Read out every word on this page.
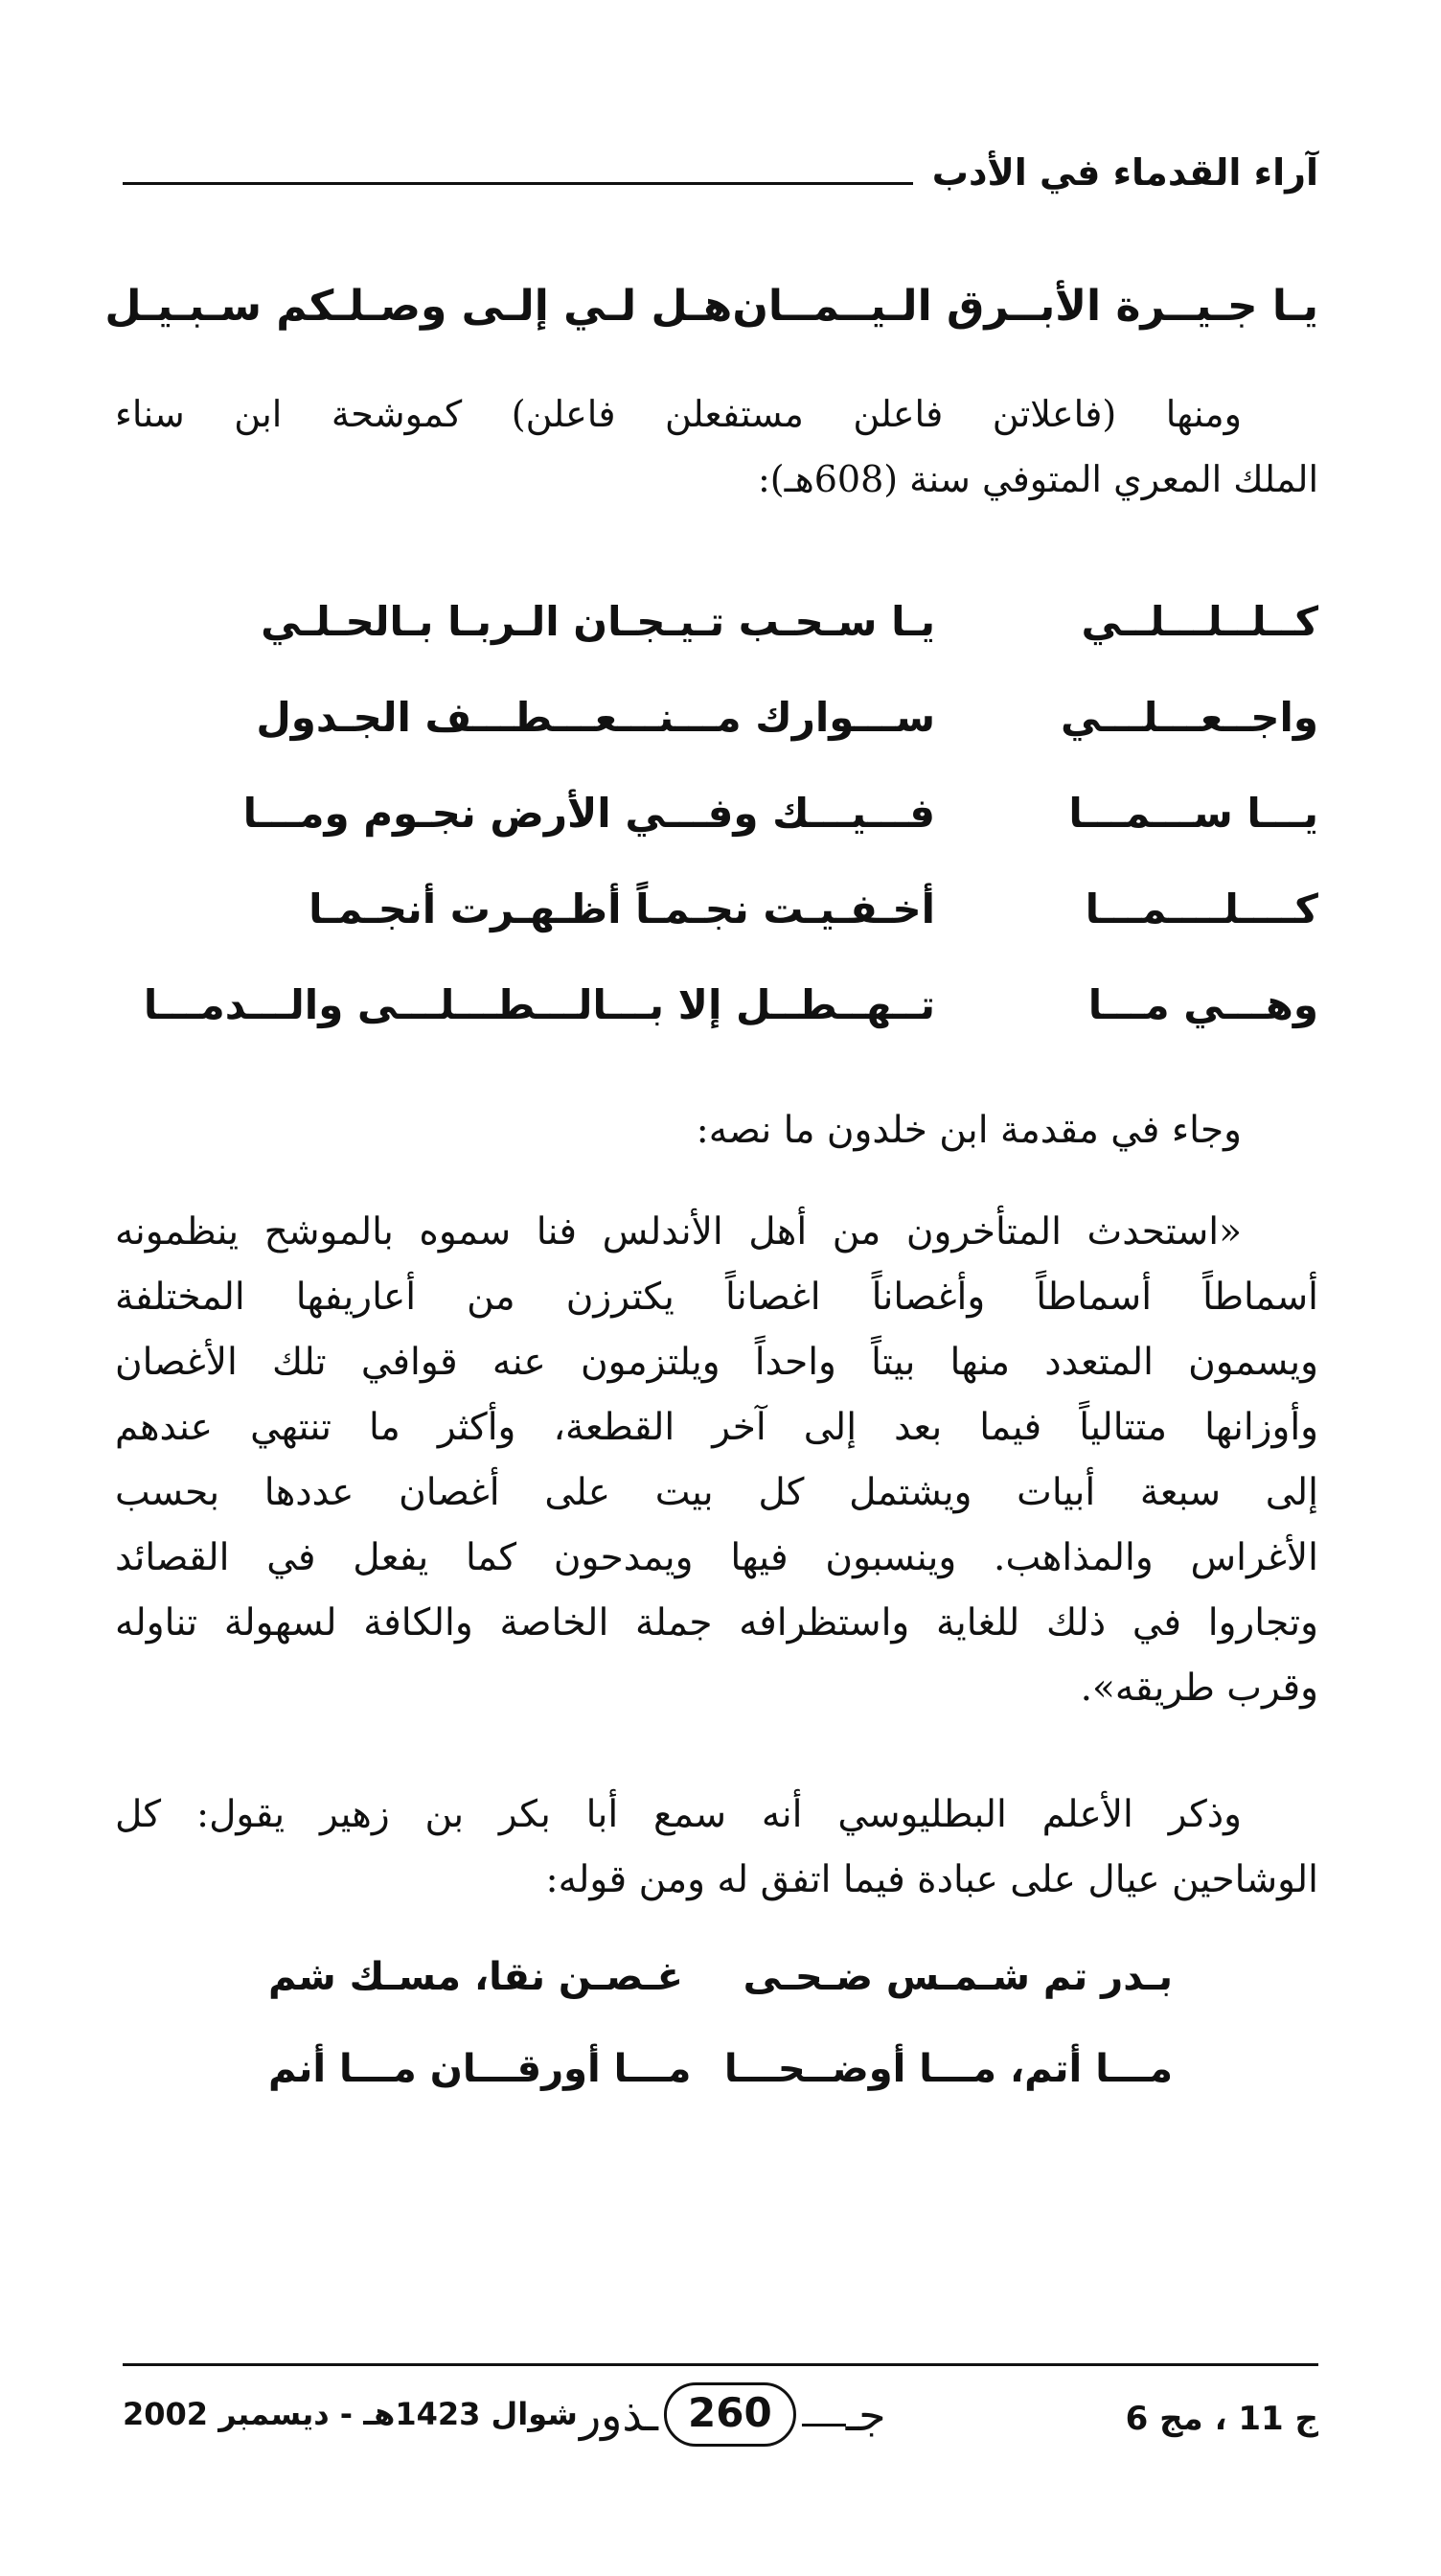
آراء القدماء في الأدب
يـا جـيــرة الأبــرق الـيــمــان
هـل لـي إلـى وصـلـكم سـبـيـل
ومنها (فاعلاتن فاعلن مستفعلن فاعلن) كموشحة ابن سناء
الملك المعري المتوفي سنة (608هـ):
كــلــلـــلــي
يـا سـحـب تـيـجـان الـربـا بـالحـلـي
واجــعـــلـــي
ســـوارك مـــنـــعـــطـــف الجـدول
يـــا ســـمـــا
فـــيـــك وفـــي الأرض نجـوم ومـــا
كــــلــــمـــا
أخـفـيـت نجـمـاً أظـهـرت أنجـمـا
وهـــي مـــا
تــهــطــل إلا بـــالـــطـــلـــى والـــدمـــا
وجاء في مقدمة ابن خلدون ما نصه:
«استحدث المتأخرون من أهل الأندلس فنا سموه بالموشح ينظمونه
أسماطاً أسماطاً وأغصاناً اغصاناً يكترزن من أعاريفها المختلفة
ويسمون المتعدد منها بيتاً واحداً ويلتزمون عنه قوافي تلك الأغصان
وأوزانها متتالياً فيما بعد إلى آخر القطعة، وأكثر ما تنتهي عندهم
إلى سبعة أبيات ويشتمل كل بيت على أغصان عددها بحسب
الأغراس والمذاهب. وينسبون فيها ويمدحون كما يفعل في القصائد
وتجاروا في ذلك للغاية واستظرافه جملة الخاصة والكافة لسهولة تناوله
وقرب طريقه».
وذكر الأعلم البطليوسي أنه سمع أبا بكر بن زهير يقول: كل
الوشاحين عيال على عبادة فيما اتفق له ومن قوله:
بـدر تم شـمـس ضـحـى
غـصـن نقا، مسـك شم
مـــا أتم، مـــا أوضــحـــا
مـــا أورقـــان مـــا أنم
ج 11 ، مج 6
جـ
260
ـذور
شوال 1423هـ - ديسمبر 2002
